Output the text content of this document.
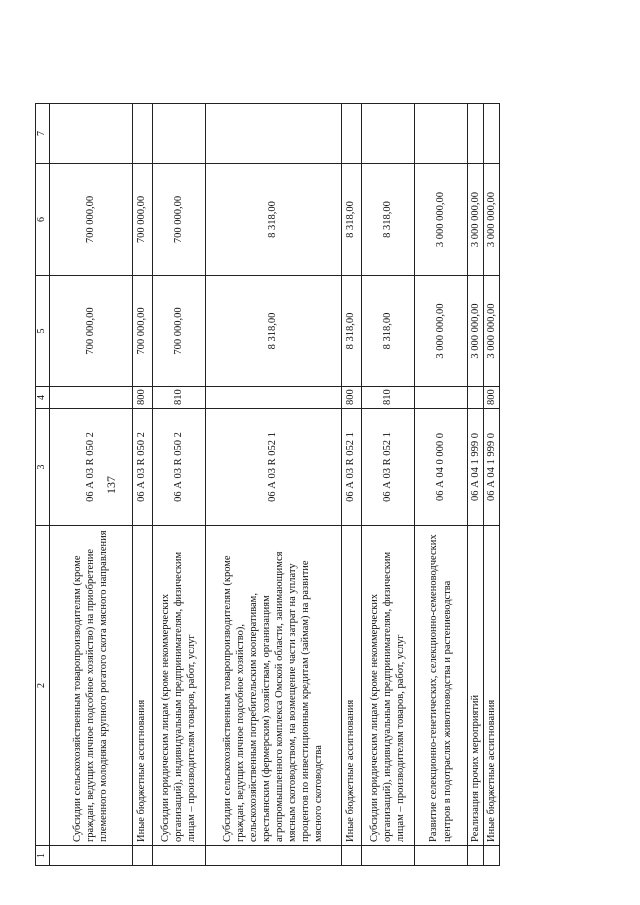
137
1	2	3	4	5	6	7
	Субсидии сельскохозяйственным товаропроизводителям (кроме граждан, ведущих личное подсобное хозяйство) на приобретение племенного молодняка крупного рогатого скота мясного направления	06 А 03 R 050 2		700 000,00	700 000,00	
	Иные бюджетные ассигнования	06 А 03 R 050 2	800	700 000,00	700 000,00	
	Субсидии юридическим лицам (кроме некоммерческих организаций), индивидуальным предпринимателям, физическим лицам – производителям товаров, работ, услуг	06 А 03 R 050 2	810	700 000,00	700 000,00	
	Субсидии сельскохозяйственным товаропроизводителям (кроме граждан, ведущих личное подсобное хозяйство), сельскохозяйственным потребительским кооперативам, крестьянским (фермерским) хозяйствам, организациям агропромышленного комплекса Омской области, занимающимся мясным скотоводством, на возмещение части затрат на уплату процентов по инвестиционным кредитам (займам) на развитие мясного скотоводства	06 А 03 R 052 1		8 318,00	8 318,00	
	Иные бюджетные ассигнования	06 А 03 R 052 1	800	8 318,00	8 318,00	
	Субсидии юридическим лицам (кроме некоммерческих организаций), индивидуальным предпринимателям, физическим лицам – производителям товаров, работ, услуг	06 А 03 R 052 1	810	8 318,00	8 318,00	
	Развитие селекционно-генетических, селекционно-семеноводческих центров в подотраслях животноводства и растениеводства	06 А 04 0 000 0		3 000 000,00	3 000 000,00	
	Реализация прочих мероприятий	06 А 04 1 999 0		3 000 000,00	3 000 000,00	
	Иные бюджетные ассигнования	06 А 04 1 999 0	800	3 000 000,00	3 000 000,00	
